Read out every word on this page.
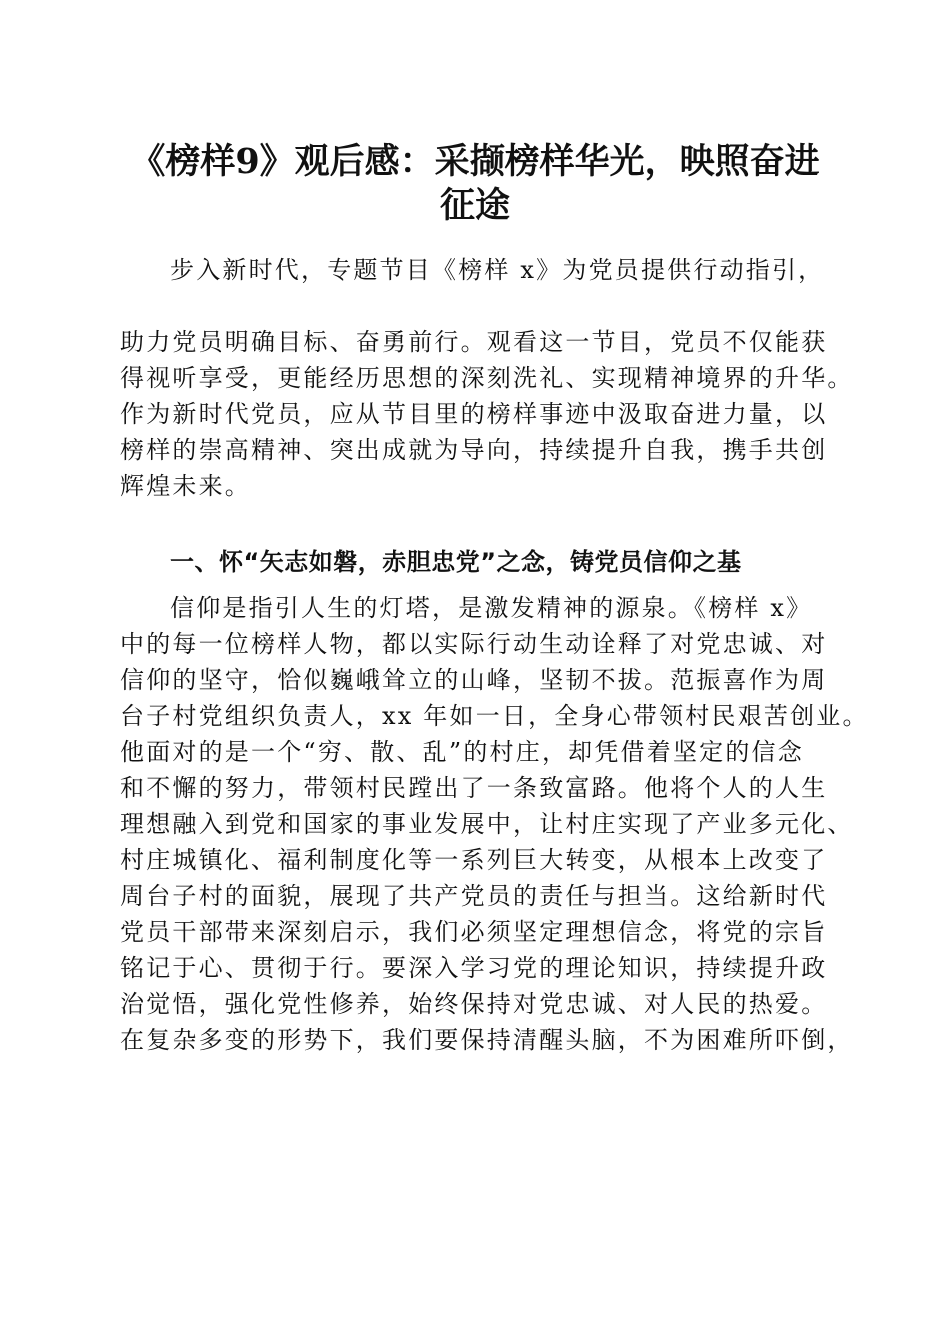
《榜样9》观后感：采撷榜样华光，映照奋进
征途
步入新时代，专题节目《榜样 x》为党员提供行动指引，
助力党员明确目标、奋勇前行。观看这一节目，党员不仅能获
得视听享受，更能经历思想的深刻洗礼、实现精神境界的升华。
作为新时代党员，应从节目里的榜样事迹中汲取奋进力量，以
榜样的崇高精神、突出成就为导向，持续提升自我，携手共创
辉煌未来。
一、怀“矢志如磐，赤胆忠党”之念，铸党员信仰之基
信仰是指引人生的灯塔，是激发精神的源泉。《榜样 x》
中的每一位榜样人物，都以实际行动生动诠释了对党忠诚、对
信仰的坚守，恰似巍峨耸立的山峰，坚韧不拔。范振喜作为周
台子村党组织负责人，xx 年如一日，全身心带领村民艰苦创业。
他面对的是一个“穷、散、乱”的村庄，却凭借着坚定的信念
和不懈的努力，带领村民蹚出了一条致富路。他将个人的人生
理想融入到党和国家的事业发展中，让村庄实现了产业多元化、
村庄城镇化、福利制度化等一系列巨大转变，从根本上改变了
周台子村的面貌，展现了共产党员的责任与担当。这给新时代
党员干部带来深刻启示，我们必须坚定理想信念，将党的宗旨
铭记于心、贯彻于行。要深入学习党的理论知识，持续提升政
治觉悟，强化党性修养，始终保持对党忠诚、对人民的热爱。
在复杂多变的形势下，我们要保持清醒头脑，不为困难所吓倒，
